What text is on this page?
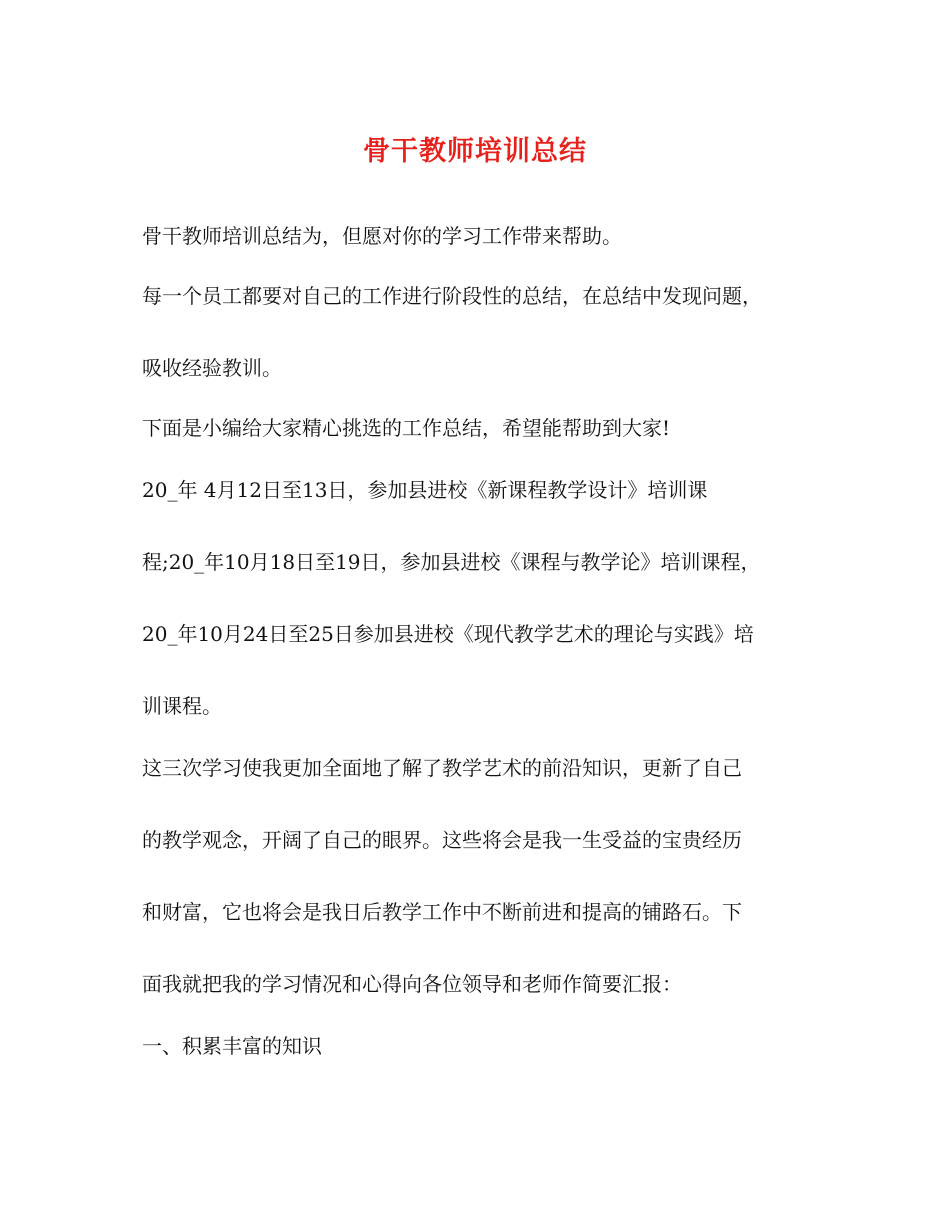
骨干教师培训总结
骨干教师培训总结为，但愿对你的学习工作带来帮助。
每一个员工都要对自己的工作进行阶段性的总结，在总结中发现问题，
吸收经验教训。
下面是小编给大家精心挑选的工作总结，希望能帮助到大家!
20_年 4月12日至13日，参加县进校《新课程教学设计》培训课
程;20_年10月18日至19日，参加县进校《课程与教学论》培训课程，
20_年10月24日至25日参加县进校《现代教学艺术的理论与实践》培
训课程。
这三次学习使我更加全面地了解了教学艺术的前沿知识，更新了自己
的教学观念，开阔了自己的眼界。这些将会是我一生受益的宝贵经历
和财富，它也将会是我日后教学工作中不断前进和提高的铺路石。下
面我就把我的学习情况和心得向各位领导和老师作简要汇报：
一、积累丰富的知识
